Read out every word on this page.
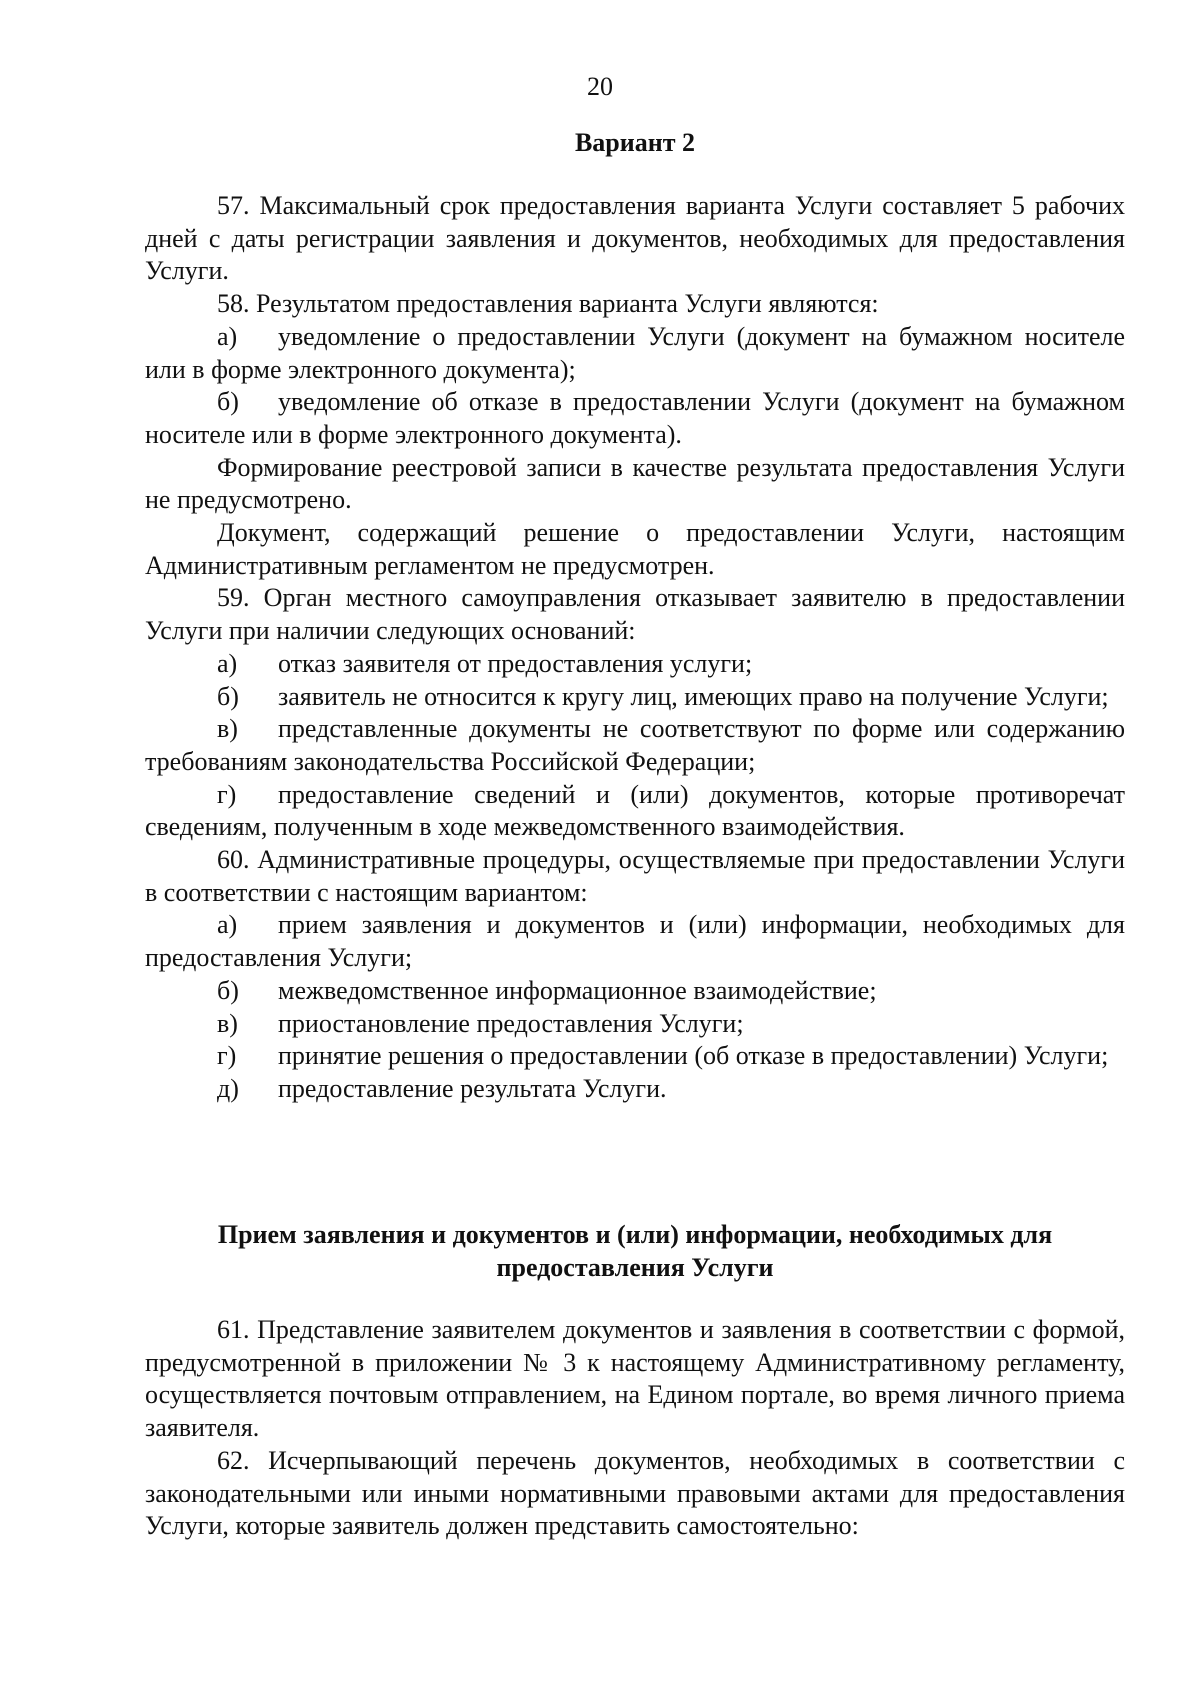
20
Вариант 2

57. Максимальный срок предоставления варианта Услуги составляет 5 рабочих дней с даты регистрации заявления и документов, необходимых для предоставления Услуги.

58. Результатом предоставления варианта Услуги являются:

а) уведомление о предоставлении Услуги (документ на бумажном носителе или в форме электронного документа);

б) уведомление об отказе в предоставлении Услуги (документ на бумажном носителе или в форме электронного документа).

Формирование реестровой записи в качестве результата предоставления Услуги не предусмотрено.

Документ, содержащий решение о предоставлении Услуги, настоящим Административным регламентом не предусмотрен.

59. Орган местного самоуправления отказывает заявителю в предоставлении Услуги при наличии следующих оснований:

а) отказ заявителя от предоставления услуги;

б) заявитель не относится к кругу лиц, имеющих право на получение Услуги;

в) представленные документы не соответствуют по форме или содержанию требованиям законодательства Российской Федерации;

г) предоставление сведений и (или) документов, которые противоречат сведениям, полученным в ходе межведомственного взаимодействия.

60. Административные процедуры, осуществляемые при предоставлении Услуги в соответствии с настоящим вариантом:

а) прием заявления и документов и (или) информации, необходимых для предоставления Услуги;

б) межведомственное информационное взаимодействие;

в) приостановление предоставления Услуги;

г) принятие решения о предоставлении (об отказе в предоставлении) Услуги;

д) предоставление результата Услуги.

Прием заявления и документов и (или) информации, необходимых для
предоставления Услуги

61. Представление заявителем документов и заявления в соответствии с формой, предусмотренной в приложении № 3 к настоящему Административному регламенту, осуществляется почтовым отправлением, на Едином портале, во время личного приема заявителя.

62. Исчерпывающий перечень документов, необходимых в соответствии с законодательными или иными нормативными правовыми актами для предоставления Услуги, которые заявитель должен представить самостоятельно:
